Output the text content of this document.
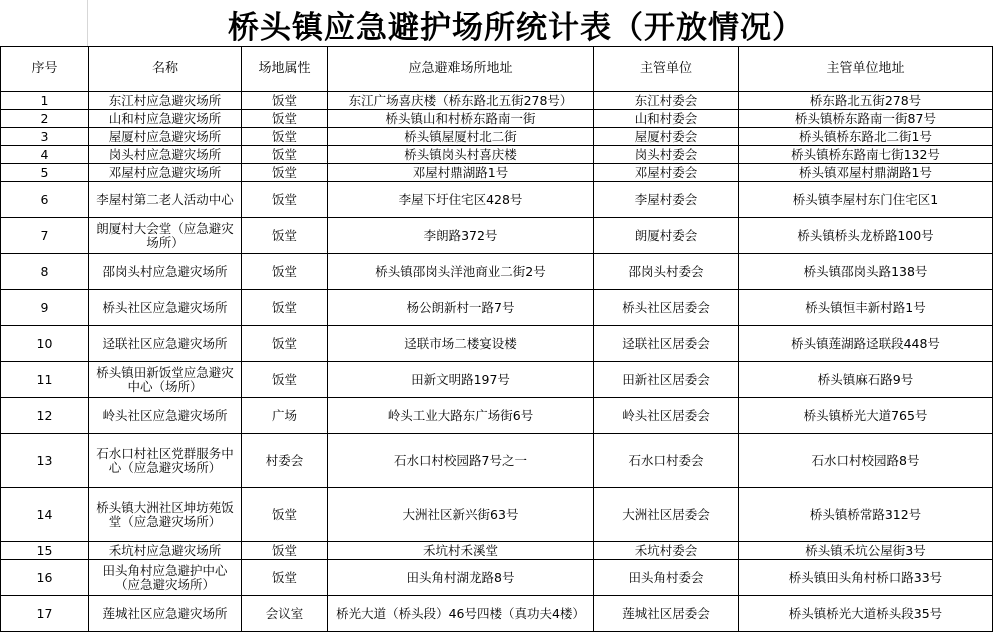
桥头镇应急避护场所统计表（开放情况）
序号	名称	场地属性	应急避难场所地址	主管单位	主管单位地址
1	东江村应急避灾场所	饭堂	东江广场喜庆楼（桥东路北五街278号）	东江村委会	桥东路北五街278号
2	山和村应急避灾场所	饭堂	桥头镇山和村桥东路南一街	山和村委会	桥头镇桥东路南一街87号
3	屋厦村应急避灾场所	饭堂	桥头镇屋厦村北二街	屋厦村委会	桥头镇桥东路北二街1号
4	岗头村应急避灾场所	饭堂	桥头镇岗头村喜庆楼	岗头村委会	桥头镇桥东路南七街132号
5	邓屋村应急避灾场所	饭堂	邓屋村鼎湖路1号	邓屋村委会	桥头镇邓屋村鼎湖路1号
6	李屋村第二老人活动中心	饭堂	李屋下圩住宅区428号	李屋村委会	桥头镇李屋村东门住宅区1
7	朗厦村大会堂（应急避灾场所）	饭堂	李朗路372号	朗厦村委会	桥头镇桥头龙桥路100号
8	邵岗头村应急避灾场所	饭堂	桥头镇邵岗头洋池商业二街2号	邵岗头村委会	桥头镇邵岗头路138号
9	桥头社区应急避灾场所	饭堂	杨公朗新村一路7号	桥头社区居委会	桥头镇恒丰新村路1号
10	迳联社区应急避灾场所	饭堂	迳联市场二楼宴设楼	迳联社区居委会	桥头镇莲湖路迳联段448号
11	桥头镇田新饭堂应急避灾中心（场所）	饭堂	田新文明路197号	田新社区居委会	桥头镇麻石路9号
12	岭头社区应急避灾场所	广场	岭头工业大路东广场街6号	岭头社区居委会	桥头镇桥光大道765号
13	石水口村社区党群服务中心（应急避灾场所）	村委会	石水口村校园路7号之一	石水口村委会	石水口村校园路8号
14	桥头镇大洲社区坤坊苑饭堂（应急避灾场所）	饭堂	大洲社区新兴街63号	大洲社区居委会	桥头镇桥常路312号
15	禾坑村应急避灾场所	饭堂	禾坑村禾溪堂	禾坑村委会	桥头镇禾坑公屋街3号
16	田头角村应急避护中心（应急避灾场所）	饭堂	田头角村湖龙路8号	田头角村委会	桥头镇田头角村桥口路33号
17	莲城社区应急避灾场所	会议室	桥光大道（桥头段）46号四楼（真功夫4楼）	莲城社区居委会	桥头镇桥光大道桥头段35号
